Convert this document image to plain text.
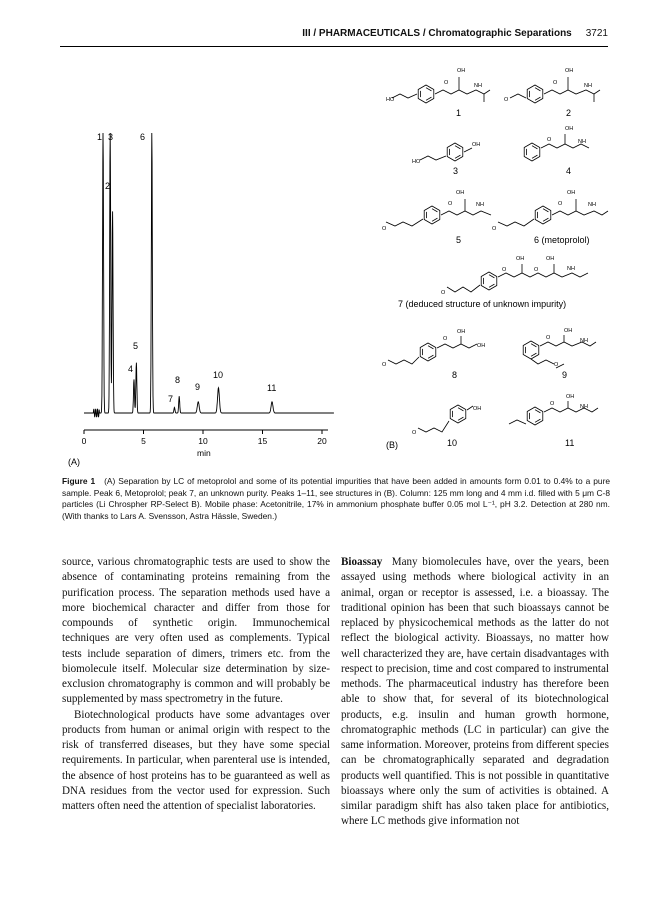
III / PHARMACEUTICALS / Chromatographic Separations 3721
0	5	10	15	20
min
(A)
1 3
2
4
5
6
7
8
9
10
11
(B)
HO
O
OH
NH
O
O
OH
NH
HO
OH
O
OH
NH
O
O
OH
NH
O
O
OH
NH
O
O	O
OH	OH
NH
O
O
OH
OH
O
OH
NH
O
O
OH
O
OH
NH
1	2
3	4
5	6 (metoprolol)
7 (deduced structure of unknown impurity)
8	9
10	11
Figure 1 (A) Separation by LC of metoprolol and some of its potential impurities that have been added in amounts form 0.01 to 0.4% to a pure sample. Peak 6, Metoprolol; peak 7, an unknown purity. Peaks 1–11, see structures in (B). Column: 125 mm long and 4 mm i.d. filled with 5 μm C-8 particles (Li Chrospher RP-Select B). Mobile phase: Acetonitrile, 17% in ammonium phosphate buffer 0.05 mol L⁻¹, pH 3.2. Detection at 280 nm. (With thanks to Lars A. Svensson, Astra Hässle, Sweden.)

source, various chromatographic tests are used to show the absence of contaminating proteins remaining from the purification process. The separation methods used have a more biochemical character and differ from those for compounds of synthetic origin. Immunochemical techniques are very often used as complements. Typical tests include separation of dimers, trimers etc. from the biomolecule itself. Molecular size determination by size-exclusion chromatography is common and will probably be supplemented by mass spectrometry in the future.

Biotechnological products have some advantages over products from human or animal origin with respect to the risk of transferred diseases, but they have some special requirements. In particular, when parenteral use is intended, the absence of host proteins has to be guaranteed as well as DNA residues from the vector used for expression. Such matters often need the attention of specialist laboratories.

Bioassay Many biomolecules have, over the years, been assayed using methods where biological activity in an animal, organ or receptor is assessed, i.e. a bioassay. The traditional opinion has been that such bioassays cannot be replaced by physicochemical methods as the latter do not reflect the biological activity. Bioassays, no matter how well characterized they are, have certain disadvantages with respect to precision, time and cost compared to instrumental methods. The pharmaceutical industry has therefore been able to show that, for several of its biotechnological products, e.g. insulin and human growth hormone, chromatographic methods (LC in particular) can give the same information. Moreover, proteins from different species can be chromatographically separated and degradation products well quantified. This is not possible in quantitative bioassays where only the sum of activities is obtained. A similar paradigm shift has also taken place for antibiotics, where LC methods give information not
